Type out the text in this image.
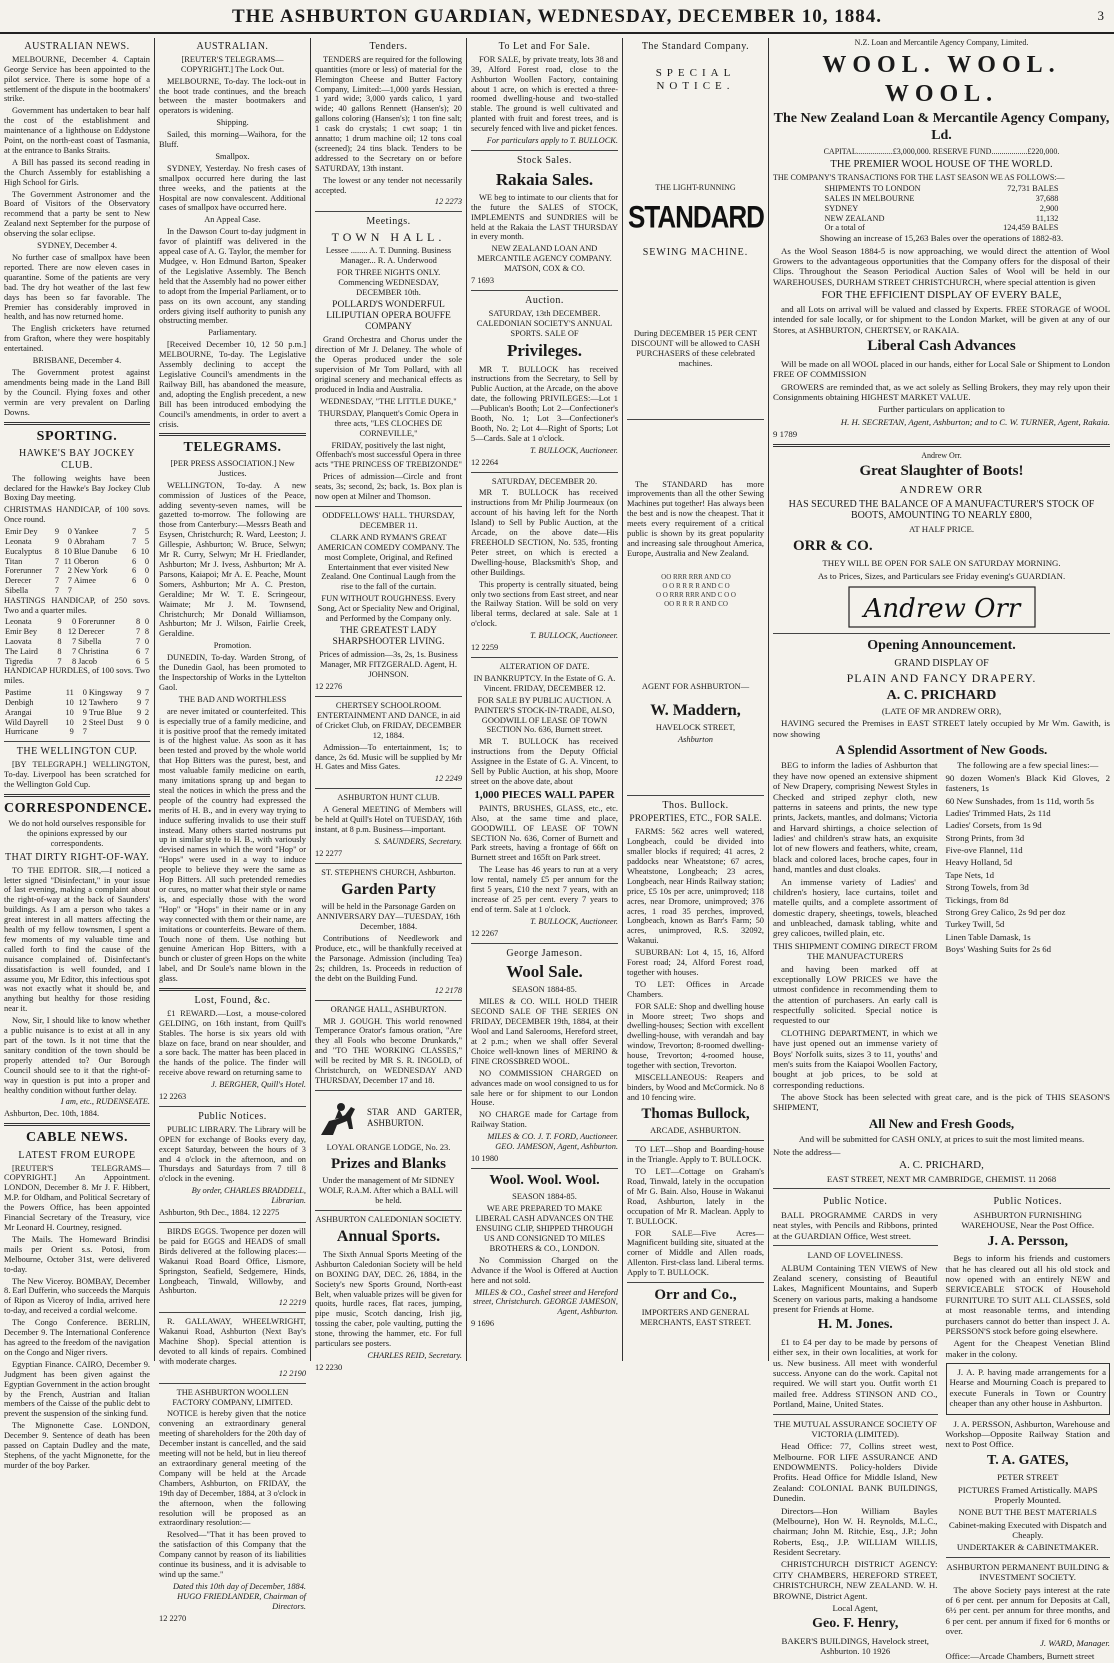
THE ASHBURTON GUARDIAN, WEDNESDAY, DECEMBER 10, 1884.	3
AUSTRALIAN NEWS.

MELBOURNE, December 4. Captain George Service has been appointed to the pilot service. There is some hope of a settlement of the dispute in the bootmakers' strike.

Government has undertaken to bear half the cost of the establishment and maintenance of a lighthouse on Eddystone Point, on the north-east coast of Tasmania, at the entrance to Banks Straits.

A Bill has passed its second reading in the Church Assembly for establishing a High School for Girls.

The Government Astronomer and the Board of Visitors of the Observatory recommend that a party be sent to New Zealand next September for the purpose of observing the solar eclipse.

SYDNEY, December 4.

No further case of smallpox have been reported. There are now eleven cases in quarantine. Some of the patients are very bad. The dry hot weather of the last few days has been so far favorable. The Premier has considerably improved in health, and has now returned home.

The English cricketers have returned from Grafton, where they were hospitably entertained.

BRISBANE, December 4.

The Government protest against amendments being made in the Land Bill by the Council. Flying foxes and other vermin are very prevalent on Darling Downs.

SPORTING.
HAWKE'S BAY JOCKEY CLUB.

The following weights have been declared for the Hawke's Bay Jockey Club Boxing Day meeting.

CHRISTMAS HANDICAP, of 100 sovs. Once round.

Emir Dey	9	0	Yankee	7	5
Leonata	9	0	Abraham	7	5
Eucalyptus	8	10	Blue Danube	6	10
Titan	7	11	Oberon	6	0
Forerunner	7	2	New York	6	0
Derecer	7	7	Aimee	6	0
Sibella	7	7			

HASTINGS HANDICAP, of 250 sovs. Two and a quarter miles.

Leonata	9	0	Forerunner	8	0
Emir Bey	8	12	Derecer	7	8
Laovata	8	7	Sibella	7	0
The Laird	8	7	Christina	6	7
Tigredia	7	8	Jacob	6	5

HANDICAP HURDLES, of 100 sovs. Two miles.

Pastime	11	0	Kingsway	9	7
Denbigh	10	12	Tawhero	9	7
Arangai	10	9	True Blue	9	2
Wild Dayrell	10	2	Steel Dust	9	0
Hurricane	9	7			
THE WELLINGTON CUP.

[BY TELEGRAPH.] WELLINGTON, To-day. Liverpool has been scratched for the Wellington Gold Cup.

CORRESPONDENCE.

We do not hold ourselves responsible for the opinions expressed by our correspondents.

THAT DIRTY RIGHT-OF-WAY.

TO THE EDITOR. SIR,—I noticed a letter signed "Disinfectant," in your issue of last evening, making a complaint about the right-of-way at the back of Saunders' buildings. As I am a person who takes a great interest in all matters affecting the health of my fellow townsmen, I spent a few moments of my valuable time and called forth to find the cause of the nuisance complained of. Disinfectant's dissatisfaction is well founded, and I assume you, Mr Editor, this infectious spot was not exactly what it should be, and anything but healthy for those residing near it.

Now, Sir, I should like to know whether a public nuisance is to exist at all in any part of the town. Is it not time that the sanitary condition of the town should be properly attended to? Our Borough Council should see to it that the right-of-way in question is put into a proper and healthy condition without further delay.

I am, etc., RUDENSEATE.

Ashburton, Dec. 10th, 1884.

CABLE NEWS.
LATEST FROM EUROPE

[REUTER'S TELEGRAMS—COPYRIGHT.] An Appointment. LONDON, December 8. Mr J. F. Hibbert, M.P. for Oldham, and Political Secretary of the Powers Office, has been appointed Financial Secretary of the Treasury, vice Mr Leonard H. Courtney, resigned.

The Mails. The Homeward Brindisi mails per Orient s.s. Potosi, from Melbourne, October 31st, were delivered to-day.

The New Viceroy. BOMBAY, December 8. Earl Dufferin, who succeeds the Marquis of Ripon as Viceroy of India, arrived here to-day, and received a cordial welcome.

The Congo Conference. BERLIN, December 9. The International Conference has agreed to the freedom of the navigation on the Congo and Niger rivers.

Egyptian Finance. CAIRO, December 9. Judgment has been given against the Egyptian Government in the action brought by the French, Austrian and Italian members of the Caisse of the public debt to prevent the suspension of the sinking fund.

The Mignonette Case. LONDON, December 9. Sentence of death has been passed on Captain Dudley and the mate, Stephens, of the yacht Mignonette, for the murder of the boy Parker.

AUSTRALIAN.

[REUTER'S TELEGRAMS—COPYRIGHT.] The Lock Out.

MELBOURNE, To-day. The lock-out in the boot trade continues, and the breach between the master bootmakers and operators is widening.

Shipping.

Sailed, this morning—Waihora, for the Bluff.

Smallpox.

SYDNEY, Yesterday. No fresh cases of smallpox occurred here during the last three weeks, and the patients at the Hospital are now convalescent. Additional cases of smallpox have occurred here.

An Appeal Case.

In the Dawson Court to-day judgment in favor of plaintiff was delivered in the appeal case of A. G. Taylor, the member for Mudgee, v. Hon Edmund Barton, Speaker of the Legislative Assembly. The Bench held that the Assembly had no power either to adopt from the Imperial Parliament, or to pass on its own account, any standing orders giving itself authority to punish any obstructing member.

Parliamentary.

[Received December 10, 12 50 p.m.] MELBOURNE, To-day. The Legislative Assembly declining to accept the Legislative Council's amendments in the Railway Bill, has abandoned the measure, and, adopting the English precedent, a new Bill has been introduced embodying the Council's amendments, in order to avert a crisis.

TELEGRAMS.

[PER PRESS ASSOCIATION.] New Justices.

WELLINGTON, To-day. A new commission of Justices of the Peace, adding seventy-seven names, will be gazetted to-morrow. The following are those from Canterbury:—Messrs Beath and Esysen, Christchurch; R. Ward, Leeston; J. Gillespie, Ashburton; W. Bruce, Selwyn; Mr R. Curry, Selwyn; Mr H. Friedlander, Ashburton; Mr J. Ivess, Ashburton; Mr A. Parsons, Kaiapoi; Mr A. E. Peache, Mount Somers, Ashburton; Mr A. C. Preston, Geraldine; Mr W. T. E. Scringeour, Waimate; Mr J. M. Townsend, Christchurch; Mr Donald Williamson, Ashburton; Mr J. Wilson, Fairlie Creek, Geraldine.

Promotion.

DUNEDIN, To-day. Warden Strong, of the Dunedin Gaol, has been promoted to the Inspectorship of Works in the Lyttelton Gaol.

THE BAD AND WORTHLESS

are never imitated or counterfeited. This is especially true of a family medicine, and it is positive proof that the remedy imitated is of the highest value. As soon as it has been tested and proved by the whole world that Hop Bitters was the purest, best, and most valuable family medicine on earth, many imitations sprang up and began to steal the notices in which the press and the people of the country had expressed the merits of H. B., and in every way trying to induce suffering invalids to use their stuff instead. Many others started nostrums put up in similar style to H. B., with variously devised names in which the word "Hop" or "Hops" were used in a way to induce people to believe they were the same as Hop Bitters. All such pretended remedies or cures, no matter what their style or name is, and especially those with the word "Hop" or "Hops" in their name or in any way connected with them or their name, are imitations or counterfeits. Beware of them. Touch none of them. Use nothing but genuine American Hop Bitters, with a bunch or cluster of green Hops on the white label, and Dr Soule's name blown in the glass.

Lost, Found, &c.

£1 REWARD.—Lost, a mouse-colored GELDING, on 16th instant, from Quill's Stables. The horse is six years old with blaze on face, brand on near shoulder, and a sore back. The matter has been placed in the hands of the police. The finder will receive above reward on returning same to

J. BERGHER, Quill's Hotel.

12 2263

Public Notices.

PUBLIC LIBRARY. The Library will be OPEN for exchange of Books every day, except Saturday, between the hours of 3 and 4 o'clock in the afternoon, and on Thursdays and Saturdays from 7 till 8 o'clock in the evening.

By order, CHARLES BRADDELL, Librarian.

Ashburton, 9th Dec., 1884. 12 2275

BIRDS EGGS. Twopence per dozen will be paid for EGGS and HEADS of small Birds delivered at the following places:—Wakanui Road Board Office, Lismore, Springston, Seafield, Sedgemere, Hinds, Longbeach, Tinwald, Willowby, and Ashburton.

12 2219

R. GALLAWAY, WHEELWRIGHT, Wakanui Road, Ashburton (Next Bay's Machine Shop). Special attention is devoted to all kinds of repairs. Combined with moderate charges.

12 2190

THE ASHBURTON WOOLLEN FACTORY COMPANY, LIMITED.

NOTICE is hereby given that the notice convening an extraordinary general meeting of shareholders for the 20th day of December instant is cancelled, and the said meeting will not be held, but in lieu thereof an extraordinary general meeting of the Company will be held at the Arcade Chambers, Ashburton, on FRIDAY, the 19th day of December, 1884, at 3 o'clock in the afternoon, when the following resolution will be proposed as an extraordinary resolution:—

Resolved—"That it has been proved to the satisfaction of this Company that the Company cannot by reason of its liabilities continue its business, and it is advisable to wind up the same."

Dated this 10th day of December, 1884. HUGO FRIEDLANDER, Chairman of Directors.

12 2270

Tenders.

TENDERS are required for the following quantities (more or less) of material for the Flemington Cheese and Butter Factory Company, Limited:—1,000 yards Hessian, 1 yard wide; 3,000 yards calico, 1 yard wide; 40 gallons Rennett (Hansen's); 20 gallons coloring (Hansen's); 1 ton fine salt; 1 cask do crystals; 1 cwt soap; 1 tin annatto; 1 drum machine oil; 12 tons coal (screened); 24 tins black. Tenders to be addressed to the Secretary on or before SATURDAY, 13th instant.

The lowest or any tender not necessarily accepted.

12 2273

Meetings.

TOWN HALL.

Lessee ........ A. T. Dunning. Business Manager... R. A. Underwood

FOR THREE NIGHTS ONLY. Commencing WEDNESDAY, DECEMBER 10th.

POLLARD'S WONDERFUL LILIPUTIAN OPERA BOUFFE COMPANY

Grand Orchestra and Chorus under the direction of Mr J. Delaney. The whole of the Operas produced under the sole supervision of Mr Tom Pollard, with all original scenery and mechanical effects as produced in India and Australia.

WEDNESDAY, "THE LITTLE DUKE,"

THURSDAY, Planquett's Comic Opera in three acts, "LES CLOCHES DE CORNEVILLE,"

FRIDAY, positively the last night, Offenbach's most successful Opera in three acts "THE PRINCESS OF TREBIZONDE"

Prices of admission—Circle and front seats, 3s; second, 2s; back, 1s. Box plan is now open at Milner and Thomson.

ODDFELLOWS' HALL. THURSDAY, DECEMBER 11.

CLARK AND RYMAN'S GREAT AMERICAN COMEDY COMPANY. The most Complete, Original, and Refined Entertainment that ever visited New Zealand. One Continual Laugh from the rise to the fall of the curtain.

FUN WITHOUT ROUGHNESS. Every Song, Act or Speciality New and Original, and Performed by the Company only.

THE GREATEST LADY SHARPSHOOTER LIVING.

Prices of admission—3s, 2s, 1s. Business Manager, MR FITZGERALD. Agent, H. JOHNSON.

12 2276

CHERTSEY SCHOOLROOM. ENTERTAINMENT AND DANCE, in aid of Cricket Club, on FRIDAY, DECEMBER 12, 1884.

Admission—To entertainment, 1s; to dance, 2s 6d. Music will be supplied by Mr H. Gates and Miss Gates.

12 2249

ASHBURTON HUNT CLUB.

A General MEETING of Members will be held at Quill's Hotel on TUESDAY, 16th instant, at 8 p.m. Business—important.

S. SAUNDERS, Secretary.

12 2277

ST. STEPHEN'S CHURCH, Ashburton.

Garden Party

will be held in the Parsonage Garden on ANNIVERSARY DAY—TUESDAY, 16th December, 1884.

Contributions of Needlework and Produce, etc., will be thankfully received at the Parsonage. Admission (including Tea) 2s; children, 1s. Proceeds in reduction of the debt on the Building Fund.

12 2178

ORANGE HALL, ASHBURTON.

MR J. GOUGH. This world renowned Temperance Orator's famous oration, "Are they all Fools who become Drunkards," and "TO THE WORKING CLASSES," will be recited by MR S. R. INGOLD, of Christchurch, on WEDNESDAY AND THURSDAY, December 17 and 18.

STAR AND GARTER, ASHBURTON.

LOYAL ORANGE LODGE, No. 23.

Prizes and Blanks

Under the management of Mr SIDNEY WOLF, R.A.M. After which a BALL will be held.

ASHBURTON CALEDONIAN SOCIETY.

Annual Sports.

The Sixth Annual Sports Meeting of the Ashburton Caledonian Society will be held on BOXING DAY, DEC. 26, 1884, in the Society's new Sports Ground, North-east Belt, when valuable prizes will be given for quoits, hurdle races, flat races, jumping, pipe music, Scotch dancing, Irish jig, tossing the caber, pole vaulting, putting the stone, throwing the hammer, etc. For full particulars see posters.

CHARLES REID, Secretary.

12 2230

To Let and For Sale.

FOR SALE, by private treaty, lots 38 and 39, Alford Forest road, close to the Ashburton Woollen Factory, containing about 1 acre, on which is erected a three-roomed dwelling-house and two-stalled stable. The ground is well cultivated and planted with fruit and forest trees, and is securely fenced with live and picket fences.

For particulars apply to T. BULLOCK.

Stock Sales.
Rakaia Sales.

WE beg to intimate to our clients that for the future the SALES of STOCK, IMPLEMENTS and SUNDRIES will be held at the Rakaia the LAST THURSDAY in every month.

NEW ZEALAND LOAN AND MERCANTILE AGENCY COMPANY. MATSON, COX & CO.

7 1693

Auction.

SATURDAY, 13th DECEMBER. CALEDONIAN SOCIETY'S ANNUAL SPORTS. SALE OF

Privileges.

MR T. BULLOCK has received instructions from the Secretary, to Sell by Public Auction, at the Arcade, on the above date, the following PRIVILEGES:—Lot 1—Publican's Booth; Lot 2—Confectioner's Booth, No. 1; Lot 3—Confectioner's Booth, No. 2; Lot 4—Right of Sports; Lot 5—Cards. Sale at 1 o'clock.

T. BULLOCK, Auctioneer.

12 2264

SATURDAY, DECEMBER 20.

MR T. BULLOCK has received instructions from Mr Philip Jourmeaux (on account of his having left for the North Island) to Sell by Public Auction, at the Arcade, on the above date—His FREEHOLD SECTION, No. 535, fronting Peter street, on which is erected a Dwelling-house, Blacksmith's Shop, and other Buildings.

This property is centrally situated, being only two sections from East street, and near the Railway Station. Will be sold on very liberal terms, declared at sale. Sale at 1 o'clock.

T. BULLOCK, Auctioneer.

12 2259

ALTERATION OF DATE.

IN BANKRUPTCY. In the Estate of G. A. Vincent. FRIDAY, DECEMBER 12.

FOR SALE BY PUBLIC AUCTION. A PAINTER'S STOCK-IN-TRADE, ALSO, GOODWILL OF LEASE OF TOWN SECTION No. 636, Burnett street.

MR T. BULLOCK has received instructions from the Deputy Official Assignee in the Estate of G. A. Vincent, to Sell by Public Auction, at his shop, Moore street on the above date, about

1,000 PIECES WALL PAPER

PAINTS, BRUSHES, GLASS, etc., etc. Also, at the same time and place, GOODWILL OF LEASE OF TOWN SECTION No. 636, Corner of Burnett and Park streets, having a frontage of 66ft on Burnett street and 165ft on Park street.

The Lease has 46 years to run at a very low rental, namely £5 per annum for the first 5 years, £10 the next 7 years, with an increase of 25 per cent. every 7 years to end of term. Sale at 1 o'clock.

T. BULLOCK, Auctioneer.

12 2267

George Jameson.
Wool Sale.

SEASON 1884-85.

MILES & CO. WILL HOLD THEIR SECOND SALE OF THE SERIES ON FRIDAY, DECEMBER 19th, 1884, at their Wool and Land Salerooms, Hereford street, at 2 p.m.; when we shall offer Several Choice well-known lines of MERINO & FINE CROSSBRED WOOL.

NO COMMISSION CHARGED on advances made on wool consigned to us for sale here or for shipment to our London House.

NO CHARGE made for Cartage from Railway Station.

MILES & CO. J. T. FORD, Auctioneer. GEO. JAMESON, Agent, Ashburton.

10 1980

Wool. Wool. Wool.

SEASON 1884-85.

WE ARE PREPARED TO MAKE LIBERAL CASH ADVANCES ON THE ENSUING CLIP, SHIPPED THROUGH US AND CONSIGNED TO MILES BROTHERS & CO., LONDON.

No Commission Charged on the Advance if the Wool is Offered at Auction here and not sold.

MILES & CO., Cashel street and Hereford street, Christchurch. GEORGE JAMESON, Agent, Ashburton.

9 1696

The Standard Company.

SPECIAL NOTICE.

THE LIGHT-RUNNING

STANDARD

SEWING MACHINE.

During DECEMBER 15 PER CENT DISCOUNT will be allowed to CASH PURCHASERS of these celebrated machines.

The STANDARD has more improvements than all the other Sewing Machines put together! Has always been the best and is now the cheapest. That it meets every requirement of a critical public is shown by its great popularity and increasing sale throughout America, Europe, Australia and New Zealand.

OO RRR RRR AND CO
O O R R R R AND C O
O O RRR RRR AND C O O
OO R R R R AND CO

AGENT FOR ASHBURTON—

W. Maddern,

HAVELOCK STREET,

Ashburton

Thos. Bullock.

PROPERTIES, ETC., FOR SALE.

FARMS: 562 acres well watered, Longbeach, could be divided into smaller blocks if required; 41 acres, 2 paddocks near Wheatstone; 67 acres, Wheatstone, Longbeach; 23 acres, Longbeach, near Hinds Railway station; price, £5 10s per acre, unimproved; 118 acres, near Dromore, unimproved; 376 acres, 1 road 35 perches, improved, Longbeach, known as Barr's Farm; 50 acres, unimproved, R.S. 32092, Wakanui.

SUBURBAN: Lot 4, 15, 16, Alford Forest road; 24, Alford Forest road, together with houses.

TO LET: Offices in Arcade Chambers.

FOR SALE: Shop and dwelling house in Moore street; Two shops and dwelling-houses; Section with excellent dwelling-house, with verandah and bay window, Trevorton; 8-roomed dwelling-house, Trevorton; 4-roomed house, together with section, Trevorton.

MISCELLANEOUS: Reapers and binders, by Wood and McCormick. No 8 and 10 fencing wire.

Thomas Bullock,

ARCADE, ASHBURTON.

TO LET—Shop and Boarding-house in the Triangle. Apply to T. BULLOCK.

TO LET—Cottage on Graham's Road, Tinwald, lately in the occupation of Mr G. Bain. Also, House in Wakanui Road, Ashburton, lately in the occupation of Mr R. Maclean. Apply to T. BULLOCK.

FOR SALE—Five Acres—Magnificent building site, situated at the corner of Middle and Allen roads, Allenton. First-class land. Liberal terms. Apply to T. BULLOCK.

Orr and Co.,

IMPORTERS AND GENERAL MERCHANTS, EAST STREET.

N.Z. Loan and Mercantile Agency Company, Limited.

WOOL. WOOL. WOOL.
The New Zealand Loan & Mercantile Agency Company, Ld.

CAPITAL..................£3,000,000. RESERVE FUND..................£220,000.

THE PREMIER WOOL HOUSE OF THE WORLD.

THE COMPANY'S TRANSACTIONS FOR THE LAST SEASON WE AS FOLLOWS:—

SHIPMENTS TO LONDON	72,731 BALES
SALES IN MELBOURNE	37,688
SYDNEY	2,900
NEW ZEALAND	11,132
Or a total of	124,459 BALES

Showing an increase of 15,263 Bales over the operations of 1882-83.

As the Wool Season 1884-5 is now approaching, we would direct the attention of Wool Growers to the advantageous opportunities that the Company offers for the disposal of their Clips. Throughout the Season Periodical Auction Sales of Wool will be held in our WAREHOUSES, DURHAM STREET CHRISTCHURCH, where special attention is given

FOR THE EFFICIENT DISPLAY OF EVERY BALE,

and all Lots on arrival will be valued and classed by Experts. FREE STORAGE of WOOL intended for sale locally, or for shipment to the London Market, will be given at any of our Stores, at ASHBURTON, CHERTSEY, or RAKAIA.

Liberal Cash Advances

Will be made on all WOOL placed in our hands, either for Local Sale or Shipment to London FREE OF COMMISSION

GROWERS are reminded that, as we act solely as Selling Brokers, they may rely upon their Consignments obtaining HIGHEST MARKET VALUE.

Further particulars on application to

H. H. SECRETAN, Agent, Ashburton; and to C. W. TURNER, Agent, Rakaia.

9 1789

Andrew Orr.

Great Slaughter of Boots!

ANDREW ORR

HAS SECURED THE BALANCE OF A MANUFACTURER'S STOCK OF BOOTS, AMOUNTING TO NEARLY £800,

AT HALF PRICE.

ORR & CO.

THEY WILL BE OPEN FOR SALE ON SATURDAY MORNING.

As to Prices, Sizes, and Particulars see Friday evening's GUARDIAN.

Andrew Orr
Opening Announcement.

GRAND DISPLAY OF

PLAIN AND FANCY DRAPERY.

A. C. PRICHARD

(LATE OF MR ANDREW ORR),

HAVING secured the Premises in EAST STREET lately occupied by Mr Wm. Gawith, is now showing

A Splendid Assortment of New Goods.

BEG to inform the ladies of Ashburton that they have now opened an extensive shipment of New Drapery, comprising Newest Styles in Checked and striped zephyr cloth, new patterns in sateens and prints, the new type prints, Jackets, mantles, and dolmans; Victoria and Harvard shirtings, a choice selection of ladies' and children's straw hats, an exquisite lot of new flowers and feathers, white, cream, black and colored laces, broche capes, four in hand, mantles and dust cloaks.

An immense variety of Ladies' and children's hosiery, lace curtains, toilet and matelle quilts, and a complete assortment of domestic drapery, sheetings, towels, bleached and unbleached, damask tabling, white and grey calicoes, twilled plain, etc.

THIS SHIPMENT COMING DIRECT FROM THE MANUFACTURERS

and having been marked off at exceptionally LOW PRICES we have the utmost confidence in recommending them to the attention of purchasers. An early call is respectfully solicited. Special notice is requested to our

CLOTHING DEPARTMENT, in which we have just opened out an immense variety of Boys' Norfolk suits, sizes 3 to 11, youths' and men's suits from the Kaiapoi Woollen Factory, bought at job prices, to be sold at corresponding reductions.

The following are a few special lines:—

90 dozen Women's Black Kid Gloves, 2 fasteners, 1s

60 New Sunshades, from 1s 11d, worth 5s

Ladies' Trimmed Hats, 2s 11d

Ladies' Corsets, from 1s 9d

Strong Prints, from 3d

Five-ove Flannel, 11d

Heavy Holland, 5d

Tape Nets, 1d

Strong Towels, from 3d

Tickings, from 8d

Strong Grey Calico, 2s 9d per doz

Turkey Twill, 5d

Linen Table Damask, 1s

Boys' Washing Suits for 2s 6d

The above Stock has been selected with great care, and is the pick of THIS SEASON'S SHIPMENT,

All New and Fresh Goods,

And will be submitted for CASH ONLY, at prices to suit the most limited means.

Note the address—

A. C. PRICHARD,

EAST STREET, NEXT MR CAMBRIDGE, CHEMIST. 11 2068

Public Notice.

BALL PROGRAMME CARDS in very neat styles, with Pencils and Ribbons, printed at the GUARDIAN Office, West street.

LAND OF LOVELINESS.

ALBUM Containing TEN VIEWS of New Zealand scenery, consisting of Beautiful Lakes, Magnificent Mountains, and Superb Scenery on various parts, making a handsome present for Friends at Home.

H. M. Jones.

£1 to £4 per day to be made by persons of either sex, in their own localities, at work for us. New business. All meet with wonderful success. Anyone can do the work. Capital not required. We will start you. Outfit worth £1 mailed free. Address STINSON AND CO., Portland, Maine, United States.

THE MUTUAL ASSURANCE SOCIETY OF VICTORIA (LIMITED).

Head Office: 77, Collins street west, Melbourne. FOR LIFE ASSURANCE AND ENDOWMENTS. Policy-holders Divide Profits. Head Office for Middle Island, New Zealand: COLONIAL BANK BUILDINGS, Dunedin.

Directors—Hon William Bayles (Melbourne), Hon W. H. Reynolds, M.L.C., chairman; John M. Ritchie, Esq., J.P.; John Roberts, Esq., J.P. WILLIAM WILLIS, Resident Secretary.

CHRISTCHURCH DISTRICT AGENCY: CITY CHAMBERS, HEREFORD STREET, CHRISTCHURCH, NEW ZEALAND. W. H. BROWNE, District Agent.

Local Agent,

Geo. F. Henry,

BAKER'S BUILDINGS, Havelock street, Ashburton. 10 1926

Public Notices.

ASHBURTON FURNISHING WAREHOUSE, Near the Post Office.

J. A. Persson,

Begs to inform his friends and customers that he has cleared out all his old stock and now opened with an entirely NEW and SERVICEABLE STOCK of Household FURNITURE TO SUIT ALL CLASSES, sold at most reasonable terms, and intending purchasers cannot do better than inspect J. A. PERSSON'S stock before going elsewhere.

Agent for the Cheapest Venetian Blind maker in the colony.

J. A. P. having made arrangements for a Hearse and Mourning Coach is prepared to execute Funerals in Town or Country cheaper than any other house in Ashburton.

J. A. PERSSON, Ashburton, Warehouse and Workshop—Opposite Railway Station and next to Post Office.

T. A. GATES,

PETER STREET

PICTURES Framed Artistically. MAPS Properly Mounted.

NONE BUT THE BEST MATERIALS

Cabinet-making Executed with Dispatch and Cheaply.

UNDERTAKER & CABINETMAKER.

ASHBURTON PERMANENT BUILDING & INVESTMENT SOCIETY.

The above Society pays interest at the rate of 6 per cent. per annum for Deposits at Call, 6½ per cent. per annum for three months, and 6 per cent. per annum if fixed for 6 months or over.

J. WARD, Manager.

Office:—Arcade Chambers, Burnett street
